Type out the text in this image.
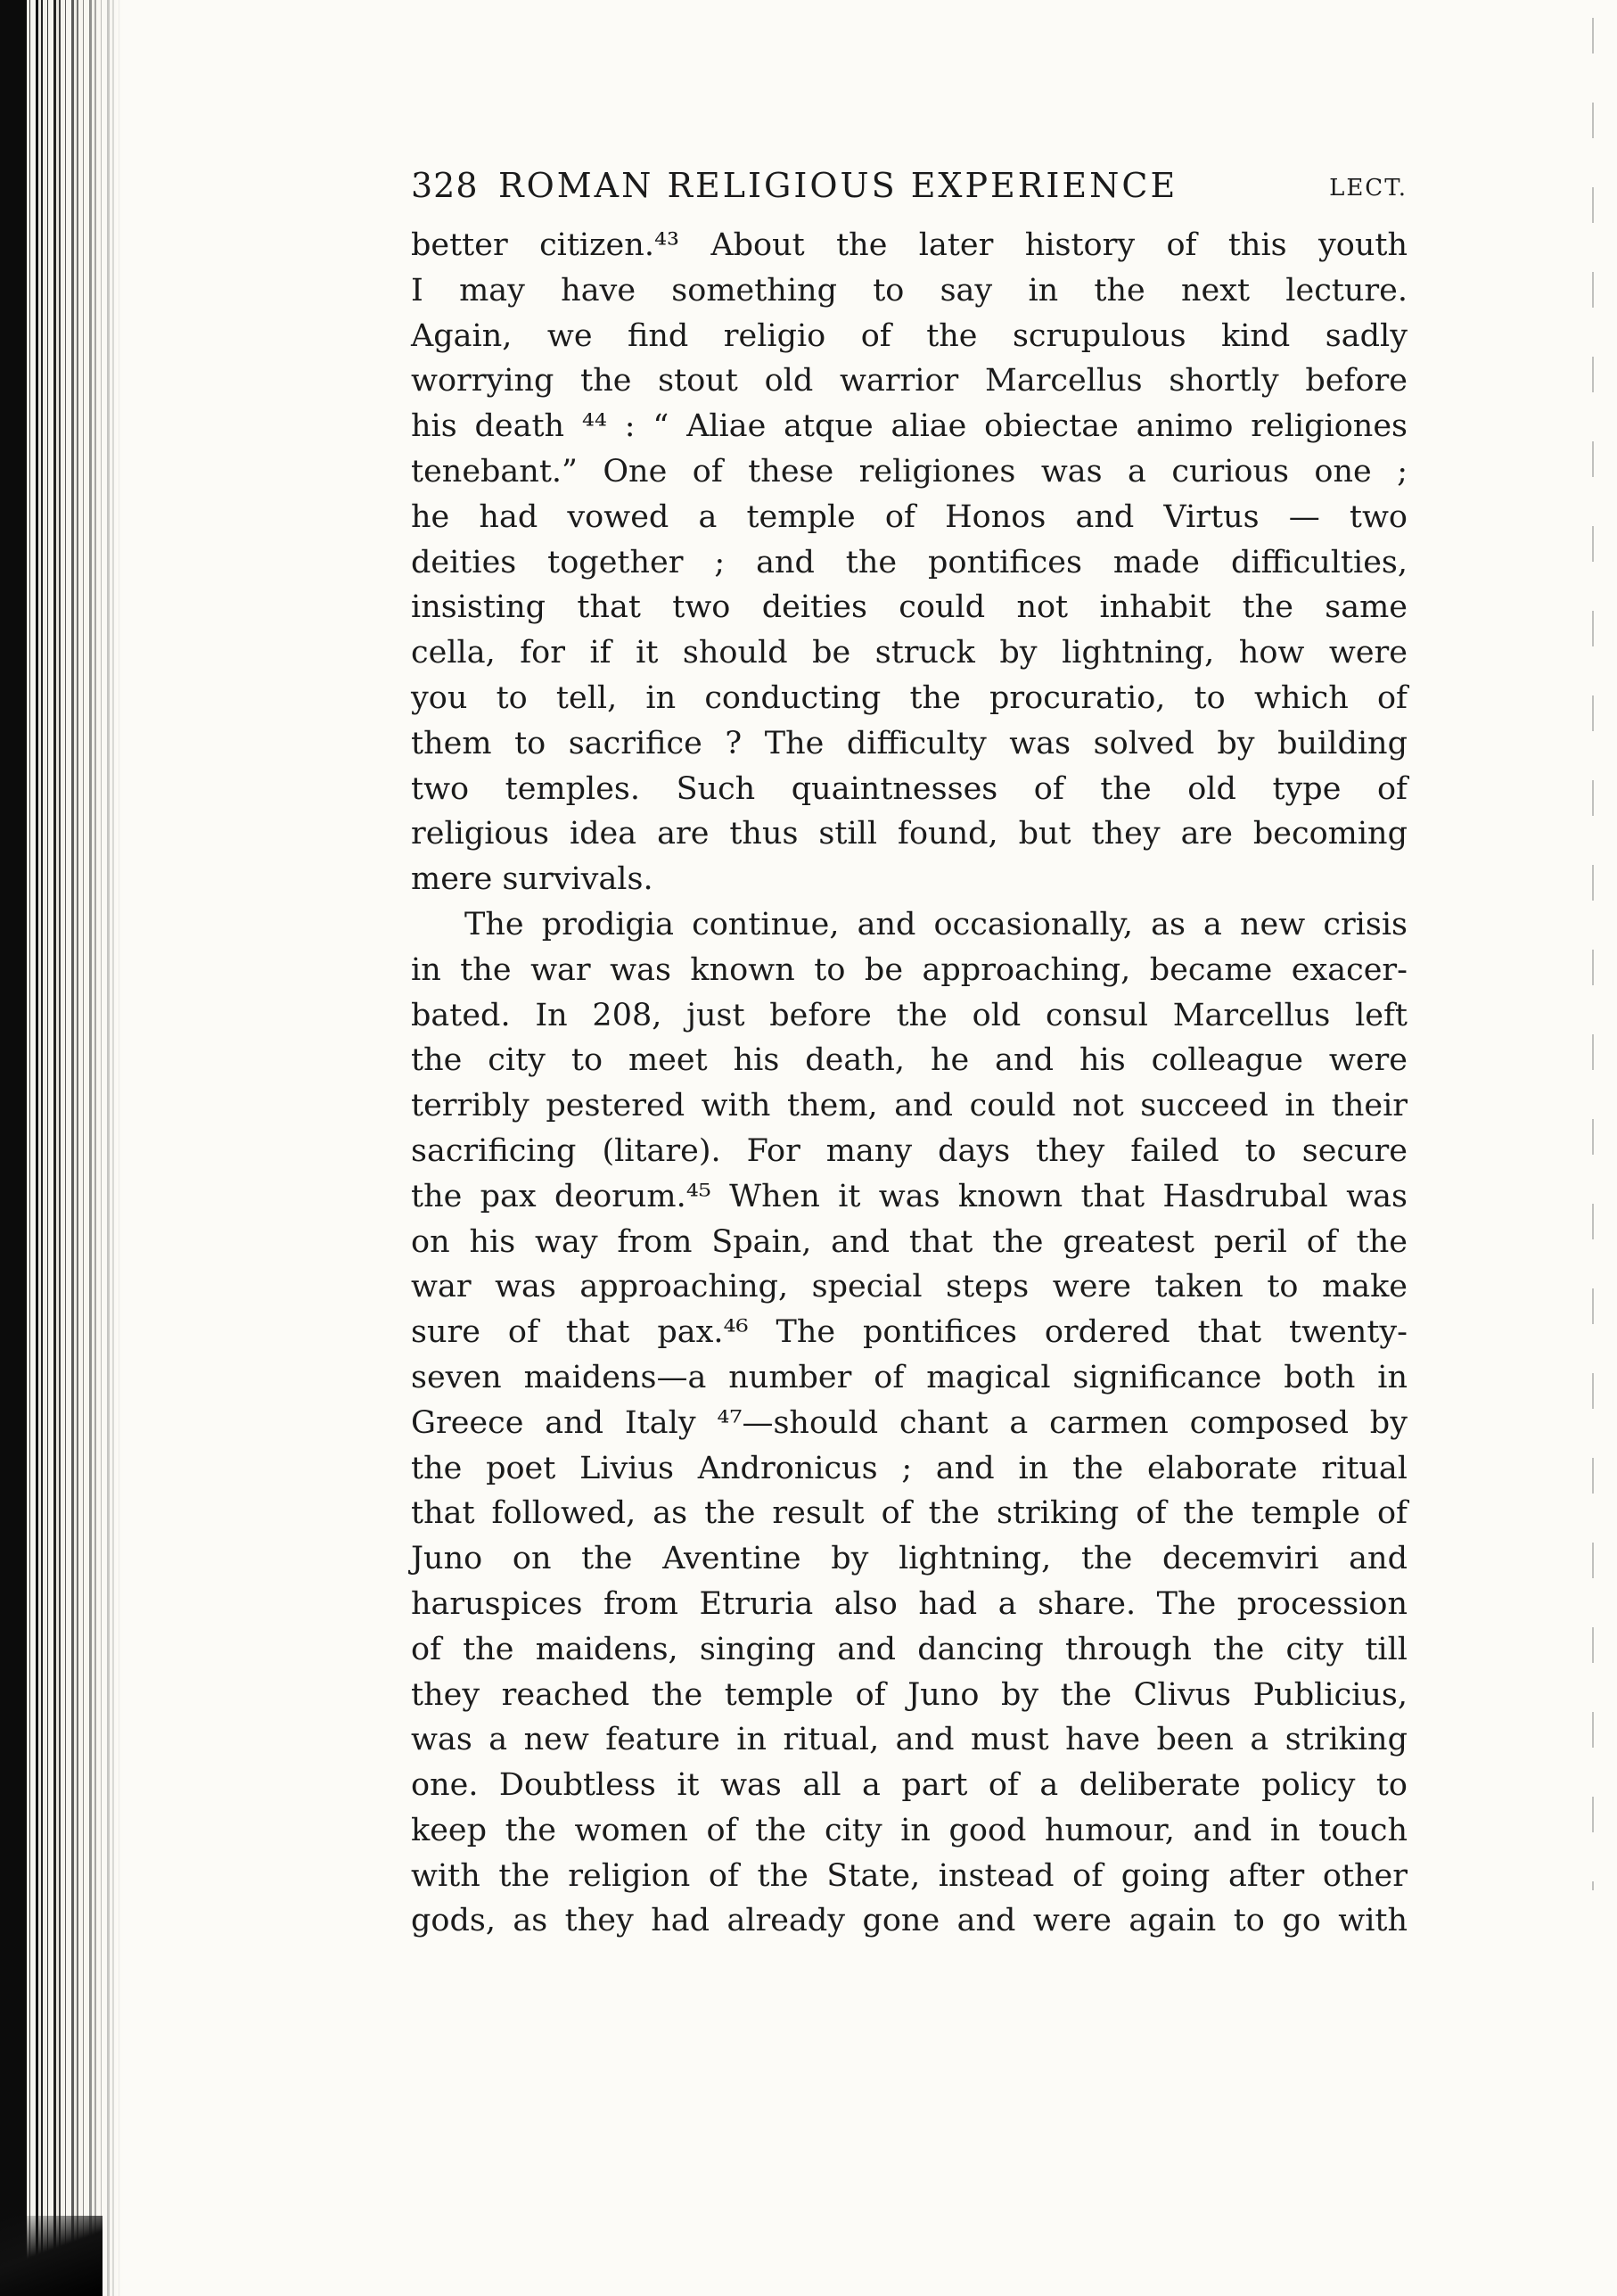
328 ROMAN RELIGIOUS EXPERIENCE	LECT.
better citizen.⁴³ About the later history of this youth
I may have something to say in the next lecture.
Again, we find religio of the scrupulous kind sadly
worrying the stout old warrior Marcellus shortly before
his death ⁴⁴ : “ Aliae atque aliae obiectae animo religiones
tenebant.” One of these religiones was a curious one ;
he had vowed a temple of Honos and Virtus — two
deities together ; and the pontifices made difficulties,
insisting that two deities could not inhabit the same
cella, for if it should be struck by lightning, how were
you to tell, in conducting the procuratio, to which of
them to sacrifice ? The difficulty was solved by building
two temples. Such quaintnesses of the old type of
religious idea are thus still found, but they are becoming
mere survivals.
The prodigia continue, and occasionally, as a new crisis
in the war was known to be approaching, became exacer-
bated. In 208, just before the old consul Marcellus left
the city to meet his death, he and his colleague were
terribly pestered with them, and could not succeed in their
sacrificing (litare). For many days they failed to secure
the pax deorum.⁴⁵ When it was known that Hasdrubal was
on his way from Spain, and that the greatest peril of the
war was approaching, special steps were taken to make
sure of that pax.⁴⁶ The pontifices ordered that twenty-
seven maidens—a number of magical significance both in
Greece and Italy ⁴⁷—should chant a carmen composed by
the poet Livius Andronicus ; and in the elaborate ritual
that followed, as the result of the striking of the temple of
Juno on the Aventine by lightning, the decemviri and
haruspices from Etruria also had a share. The procession
of the maidens, singing and dancing through the city till
they reached the temple of Juno by the Clivus Publicius,
was a new feature in ritual, and must have been a striking
one. Doubtless it was all a part of a deliberate policy to
keep the women of the city in good humour, and in touch
with the religion of the State, instead of going after other
gods, as they had already gone and were again to go with
